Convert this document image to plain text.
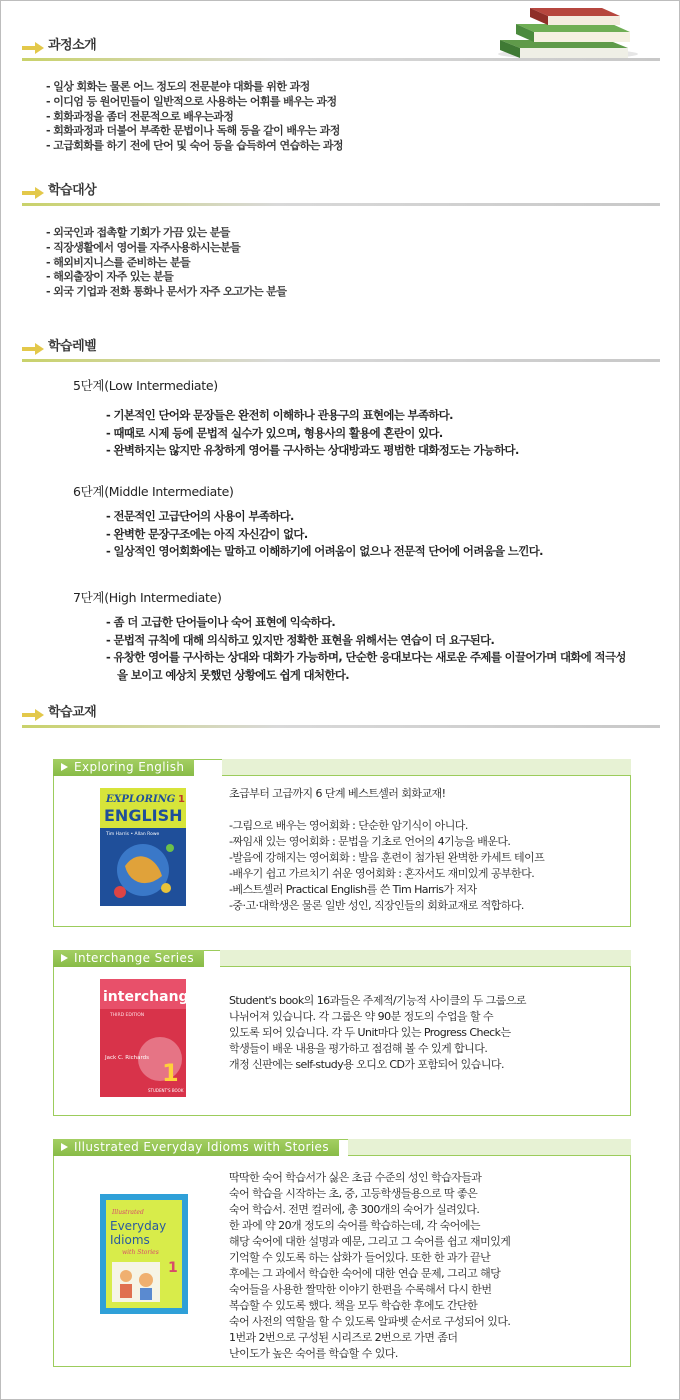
과정소개
- 일상 회화는 물론 어느 정도의 전문분야 대화를 위한 과정
- 이디엄 등 원어민들이 일반적으로 사용하는 어휘를 배우는 과정
- 회화과정을 좀더 전문적으로 배우는과정
- 회화과정과 더불어 부족한 문법이나 독해 등을 같이 배우는 과정
- 고급회화를 하기 전에 단어 및 숙어 등을 습득하여 연습하는 과정
학습대상
- 외국인과 접촉할 기회가 가끔 있는 분들
- 직장생활에서 영어를 자주사용하시는분들
- 해외비지니스를 준비하는 분들
- 해외출장이 자주 있는 분들
- 외국 기업과 전화 통화나 문서가 자주 오고가는 분들
학습레벨
5단계(Low Intermediate)
- 기본적인 단어와 문장들은 완전히 이해하나 관용구의 표현에는 부족하다.
- 때때로 시제 등에 문법적 실수가 있으며, 형용사의 활용에 혼란이 있다.
- 완벽하지는 않지만 유창하게 영어를 구사하는 상대방과도 평범한 대화정도는 가능하다.
6단계(Middle Intermediate)
- 전문적인 고급단어의 사용이 부족하다.
- 완벽한 문장구조에는 아직 자신감이 없다.
- 일상적인 영어회화에는 말하고 이해하기에 어려움이 없으나 전문적 단어에 어려움을 느낀다.
7단계(High Intermediate)
- 좀 더 고급한 단어들이나 숙어 표현에 익숙하다.
- 문법적 규칙에 대해 의식하고 있지만 정확한 표현을 위해서는 연습이 더 요구된다.
- 유창한 영어를 구사하는 상대와 대화가 가능하며, 단순한 응대보다는 새로운 주제를 이끌어가며 대화에 적극성을 보이고 예상치 못했던 상황에도 쉽게 대처한다.
학습교재
Exploring English
EXPLORING
ENGLISH
1
Tim Harris • Allan Rowe

초급부터 고급까지 6 단계 베스트셀러 회화교재!

-그림으로 배우는 영어회화 : 단순한 암기식이 아니다.

-짜임새 있는 영어회화 : 문법을 기초로 언어의 4기능을 배운다.

-발음에 강해지는 영어회화 : 발음 훈련이 첨가된 완벽한 카세트 테이프

-배우기 쉽고 가르치기 쉬운 영어회화 : 혼자서도 재미있게 공부한다.

-베스트셀러 Practical English를 쓴 Tim Harris가 저자

-중·고·대학생은 물론 일반 성인, 직장인들의 회화교재로 적합하다.

Interchange Series
interchange
THIRD EDITION
Jack C. Richards
1
STUDENT'S BOOK

Student's book의 16과들은 주제적/기능적 사이클의 두 그룹으로

나뉘어져 있습니다. 각 그룹은 약 90분 정도의 수업을 할 수

있도록 되어 있습니다. 각 두 Unit마다 있는 Progress Check는

학생들이 배운 내용을 평가하고 점검해 볼 수 있게 합니다.

개정 신판에는 self-study용 오디오 CD가 포함되어 있습니다.

Illustrated Everyday Idioms with Stories
Illustrated
Everyday
Idioms
with Stories
1

딱딱한 숙어 학습서가 싫은 초급 수준의 성인 학습자들과

숙어 학습을 시작하는 초, 중, 고등학생들용으로 딱 좋은

숙어 학습서. 전면 컬러에, 총 300개의 숙어가 실려있다.

한 과에 약 20개 정도의 숙어를 학습하는데, 각 숙어에는

해당 숙어에 대한 설명과 예문, 그리고 그 숙어를 쉽고 재미있게

기억할 수 있도록 하는 삽화가 들어있다. 또한 한 과가 끝난

후에는 그 과에서 학습한 숙어에 대한 연습 문제, 그리고 해당

숙어들을 사용한 짤막한 이야기 한편을 수록해서 다시 한번

복습할 수 있도록 했다. 책을 모두 학습한 후에도 간단한

숙어 사전의 역할을 할 수 있도록 알파벳 순서로 구성되어 있다.

1번과 2번으로 구성된 시리즈로 2번으로 가면 좀더

난이도가 높은 숙어를 학습할 수 있다.
